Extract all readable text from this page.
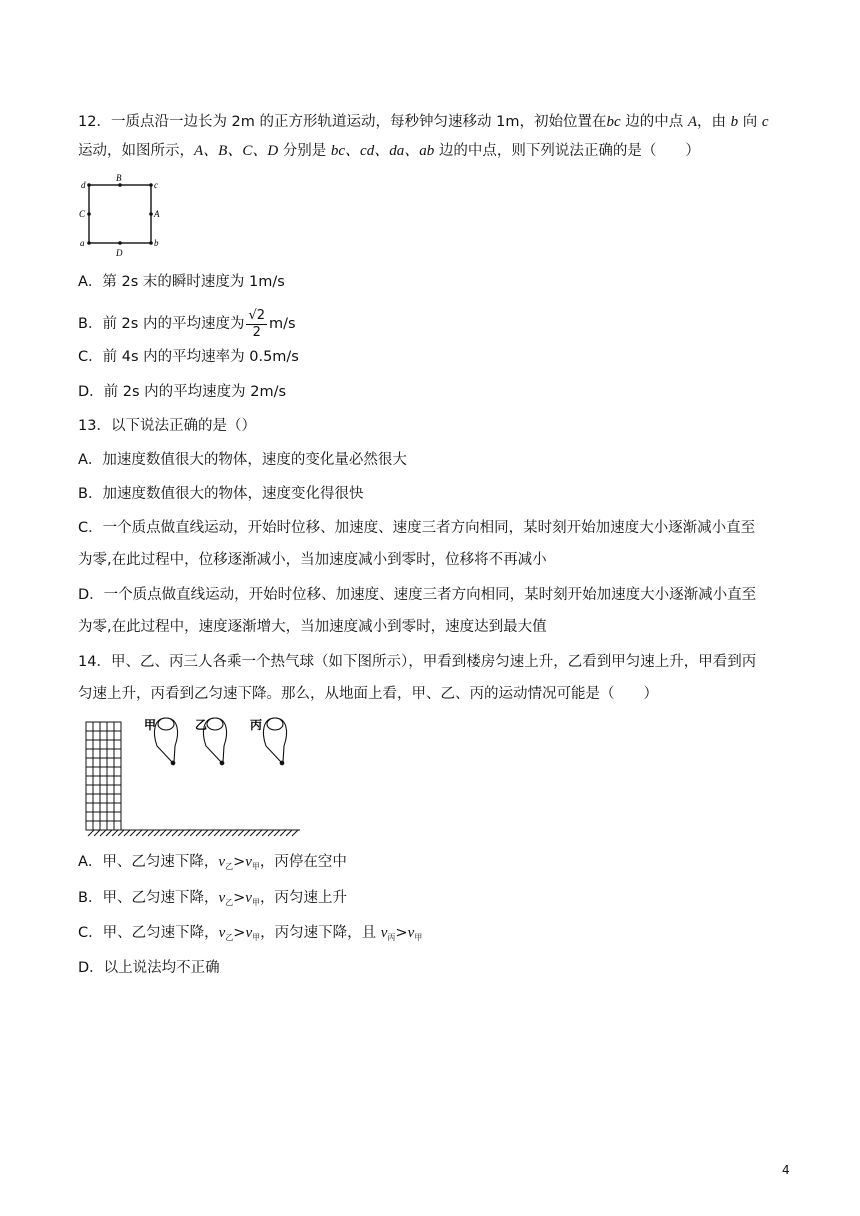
12．一质点沿一边长为 2m 的正方形轨道运动，每秒钟匀速移动 1m，初始位置在bc 边的中点 A，由 b 向 c
运动，如图所示，A、B、C、D 分别是 bc、cd、da、ab 边的中点，则下列说法正确的是（　　）
d
B
c
C	A
a
D
b
A．第 2s 末的瞬时速度为 1m/s
B．前 2s 内的平均速度为 $\frac{√2}{2} m/s$
C．前 4s 内的平均速率为 0.5m/s
D．前 2s 内的平均速度为 2m/s
13．以下说法正确的是（）
A．加速度数值很大的物体，速度的变化量必然很大
B．加速度数值很大的物体，速度变化得很快
C．一个质点做直线运动，开始时位移、加速度、速度三者方向相同，某时刻开始加速度大小逐渐减小直至
为零,在此过程中，位移逐渐减小，当加速度减小到零时，位移将不再减小
D．一个质点做直线运动，开始时位移、加速度、速度三者方向相同，某时刻开始加速度大小逐渐减小直至
为零,在此过程中，速度逐渐增大，当加速度减小到零时，速度达到最大值
14．甲、乙、丙三人各乘一个热气球（如下图所示），甲看到楼房匀速上升，乙看到甲匀速上升，甲看到丙
匀速上升，丙看到乙匀速下降。那么，从地面上看，甲、乙、丙的运动情况可能是（　　）
甲	乙	丙
A．甲、乙匀速下降，$v_乙>v_甲$，丙停在空中
B．甲、乙匀速下降，$v_乙>v_甲$，丙匀速上升
C．甲、乙匀速下降，$v_乙>v_甲$，丙匀速下降，且 $v_丙>v_甲$
D．以上说法均不正确
4
